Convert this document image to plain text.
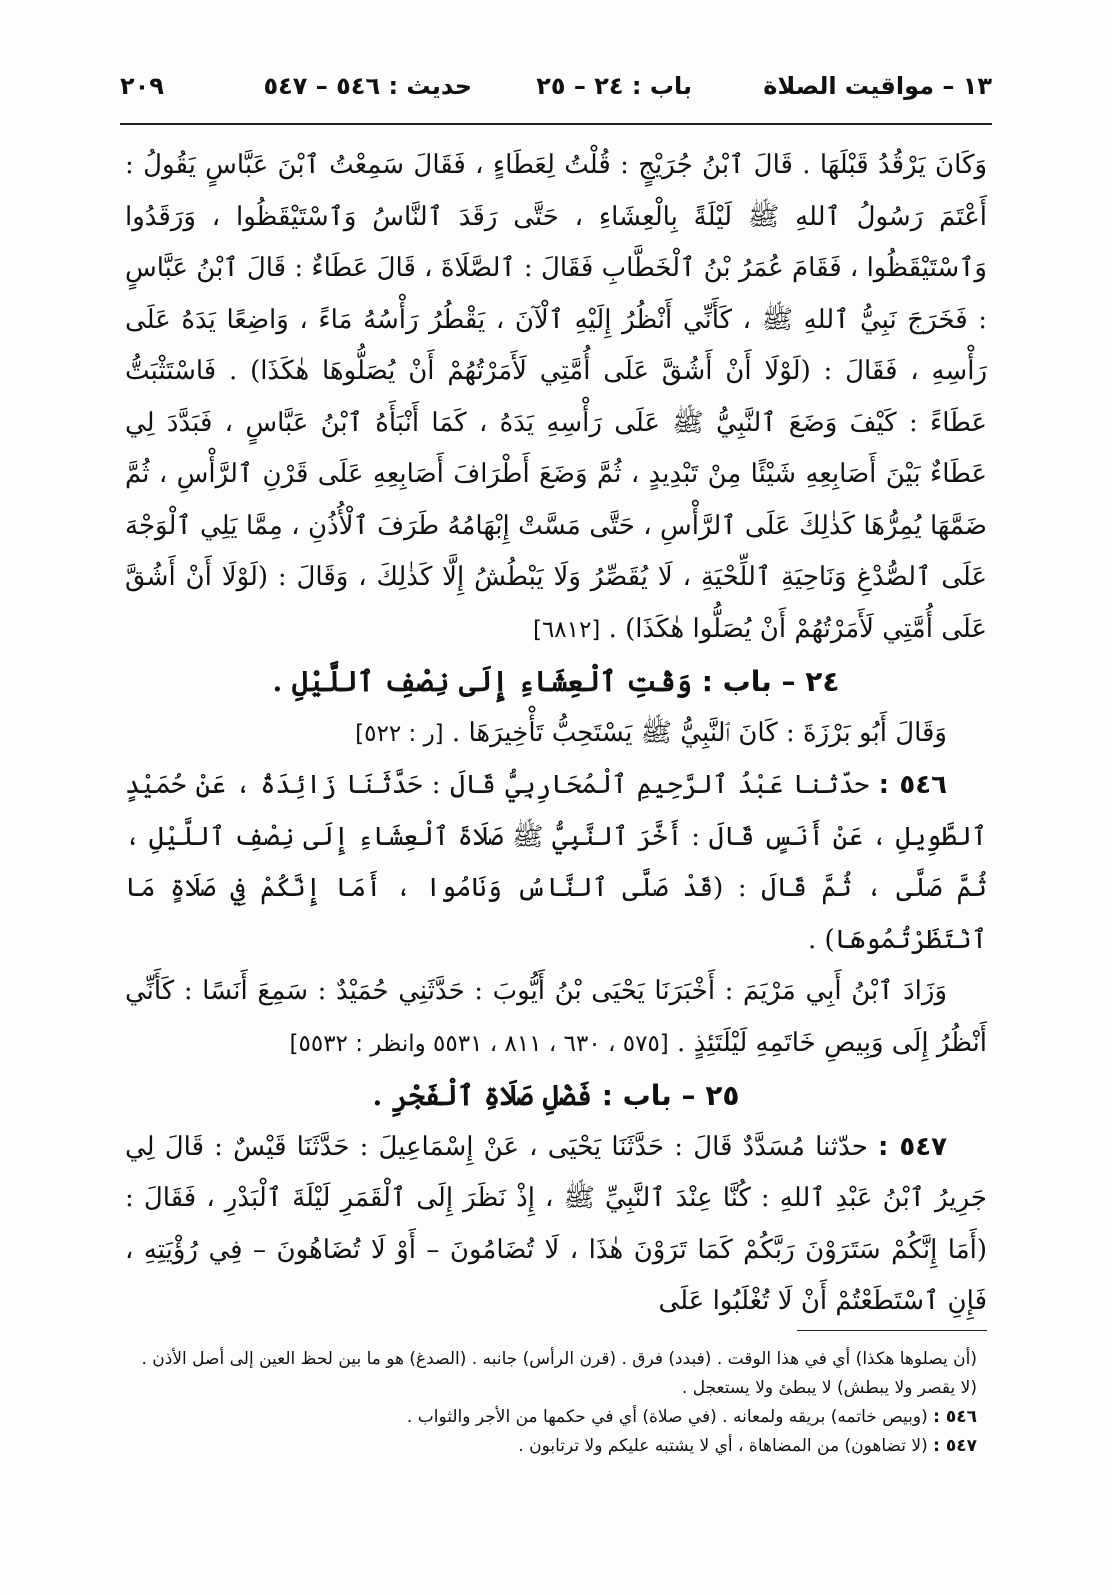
١٣ – مواقيت الصلاة
باب : ٢٤ – ٢٥
حديث : ٥٤٦ – ٥٤٧
٢٠٩

وَكَانَ يَرْقُدُ قَبْلَهَا . قَالَ ٱبْنُ جُرَيْجٍ : قُلْتُ لِعَطَاءٍ ، فَقَالَ سَمِعْتُ ٱبْنَ عَبَّاسٍ يَقُولُ : أَعْتَمَ رَسُولُ ٱللهِ ﷺ لَيْلَةً بِالْعِشَاءِ ، حَتَّى رَقَدَ ٱلنَّاسُ وَٱسْتَيْقَظُوا ، وَرَقَدُوا وَٱسْتَيْقَظُوا ، فَقَامَ عُمَرُ بْنُ ٱلْخَطَّابِ فَقَالَ : ٱلصَّلَاةَ ، قَالَ عَطَاءٌ : قَالَ ٱبْنُ عَبَّاسٍ : فَخَرَجَ نَبِيُّ ٱللهِ ﷺ ، كَأَنِّي أَنْظُرُ إِلَيْهِ ٱلْآنَ ، يَقْطُرُ رَأْسُهُ مَاءً ، وَاضِعًا يَدَهُ عَلَى رَأْسِهِ ، فَقَالَ : (لَوْلَا أَنْ أَشُقَّ عَلَى أُمَّتِي لَأَمَرْتُهُمْ أَنْ يُصَلُّوهَا هٰكَذَا) . فَاسْتَثْبَتُّ عَطَاءً : كَيْفَ وَضَعَ ٱلنَّبِيُّ ﷺ عَلَى رَأْسِهِ يَدَهُ ، كَمَا أَنْبَأَهُ ٱبْنُ عَبَّاسٍ ، فَبَدَّدَ لِي عَطَاءٌ بَيْنَ أَصَابِعِهِ شَيْئًا مِنْ تَبْدِيدٍ ، ثُمَّ وَضَعَ أَطْرَافَ أَصَابِعِهِ عَلَى قَرْنِ ٱلرَّأْسِ ، ثُمَّ ضَمَّهَا يُمِرُّهَا كَذٰلِكَ عَلَى ٱلرَّأْسِ ، حَتَّى مَسَّتْ إِبْهَامُهُ طَرَفَ ٱلْأُذُنِ ، مِمَّا يَلِي ٱلْوَجْهَ عَلَى ٱلصُّدْغِ وَنَاحِيَةِ ٱللِّحْيَةِ ، لَا يُقَصِّرُ وَلَا يَبْطُشُ إِلَّا كَذٰلِكَ ، وَقَالَ : (لَوْلَا أَنْ أَشُقَّ عَلَى أُمَّتِي لَأَمَرْتُهُمْ أَنْ يُصَلُّوا هٰكَذَا) . [٦٨١٢]

٢٤ – باب : وَقْتِ ٱلْعِشَاءِ إِلَى نِصْفِ ٱللَّيْلِ .

وَقَالَ أَبُو بَرْزَةَ : كَانَ ٱلنَّبِيُّ ﷺ يَسْتَحِبُّ تَأْخِيرَهَا . [ر : ٥٢٢]

٥٤٦ : حدّثنا عَبْدُ ٱلرَّحِيمِ ٱلْمُحَارِبِيُّ قَالَ : حَدَّثَنَا زَائِدَةُ ، عَنْ حُمَيْدٍ ٱلطَّوِيلِ ، عَنْ أَنَسٍ قَالَ : أَخَّرَ ٱلنَّبِيُّ ﷺ صَلَاةَ ٱلْعِشَاءِ إِلَى نِصْفِ ٱللَّيْلِ ، ثُمَّ صَلَّى ، ثُمَّ قَالَ : (قَدْ صَلَّى ٱلنَّاسُ وَنَامُوا ، أَمَا إِنَّكُمْ فِي صَلَاةٍ مَا ٱنْتَظَرْتُمُوهَا) .

وَزَادَ ٱبْنُ أَبِي مَرْيَمَ : أَخْبَرَنَا يَحْيَى بْنُ أَيُّوبَ : حَدَّثَنِي حُمَيْدٌ : سَمِعَ أَنَسًا : كَأَنِّي أَنْظُرُ إِلَى وَبِيصِ خَاتَمِهِ لَيْلَتَئِذٍ . [٥٧٥ ، ٦٣٠ ، ٨١١ ، ٥٥٣١ وانظر : ٥٥٣٢]

٢٥ – باب : فَضْلِ صَلَاةِ ٱلْفَجْرِ .

٥٤٧ : حدّثنا مُسَدَّدٌ قَالَ : حَدَّثَنَا يَحْيَى ، عَنْ إِسْمَاعِيلَ : حَدَّثَنَا قَيْسٌ : قَالَ لِي جَرِيرُ ٱبْنُ عَبْدِ ٱللهِ : كُنَّا عِنْدَ ٱلنَّبِيِّ ﷺ ، إِذْ نَظَرَ إِلَى ٱلْقَمَرِ لَيْلَةَ ٱلْبَدْرِ ، فَقَالَ : (أَمَا إِنَّكُمْ سَتَرَوْنَ رَبَّكُمْ كَمَا تَرَوْنَ هٰذَا ، لَا تُضَامُونَ – أَوْ لَا تُضَاهُونَ – فِي رُؤْيَتِهِ ، فَإِنِ ٱسْتَطَعْتُمْ أَنْ لَا تُغْلَبُوا عَلَى

(أن يصلوها هكذا) أي في هذا الوقت . (فبدد) فرق . (قرن الرأس) جانبه . (الصدغ) هو ما بين لحظ العين إلى أصل الأذن . (لا يقصر ولا يبطش) لا يبطئ ولا يستعجل .

٥٤٦ : (وبيص خاتمه) بريقه ولمعانه . (في صلاة) أي في حكمها من الأجر والثواب .

٥٤٧ : (لا تضاهون) من المضاهاة ، أي لا يشتبه عليكم ولا ترتابون .
